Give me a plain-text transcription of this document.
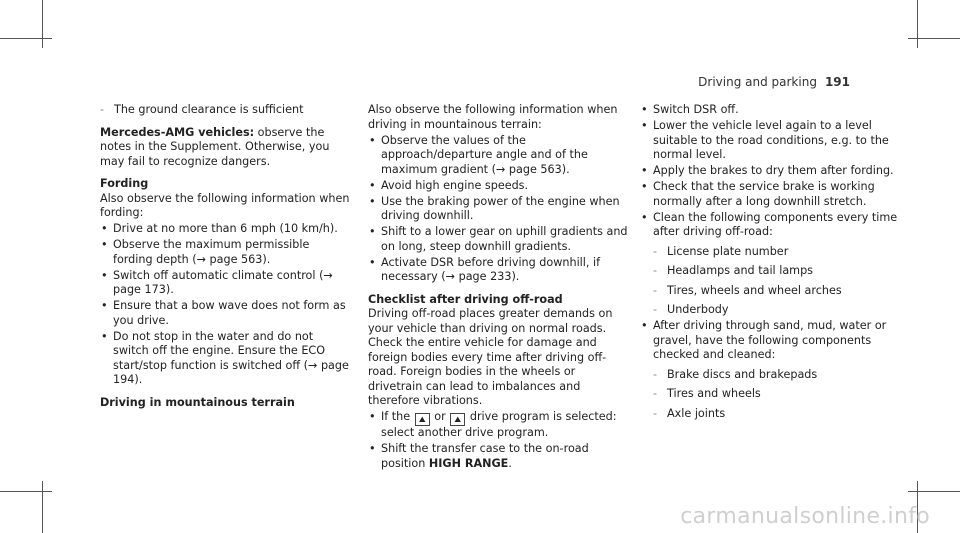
Driving and parking 191

- The ground clearance is sufficient

Mercedes-AMG vehicles: observe the notes in the Supplement. Otherwise, you may fail to recognize dangers.

Fording

Also observe the following information when fording:

• Drive at no more than 6 mph (10 km/h).

• Observe the maximum permissible fording depth (→ page 563).

• Switch off automatic climate control (→ page 173).

• Ensure that a bow wave does not form as you drive.

• Do not stop in the water and do not switch off the engine. Ensure the ECO start/stop function is switched off (→ page 194).

Driving in mountainous terrain

Also observe the following information when driving in mountainous terrain:

• Observe the values of the approach/departure angle and of the maximum gradient (→ page 563).

• Avoid high engine speeds.

• Use the braking power of the engine when driving downhill.

• Shift to a lower gear on uphill gradients and on long, steep downhill gradients.

• Activate DSR before driving downhill, if necessary (→ page 233).

Checklist after driving off-road

Driving off-road places greater demands on your vehicle than driving on normal roads. Check the entire vehicle for damage and foreign bodies every time after driving off-road. Foreign bodies in the wheels or drivetrain can lead to imbalances and therefore vibrations.

• If the ⛰ or ⛰ drive program is selected: select another drive program.

• Shift the transfer case to the on-road position HIGH RANGE.

• Switch DSR off.

• Lower the vehicle level again to a level suitable to the road conditions, e.g. to the normal level.

• Apply the brakes to dry them after fording.

• Check that the service brake is working normally after a long downhill stretch.

• Clean the following components every time after driving off-road:

- License plate number

- Headlamps and tail lamps

- Tires, wheels and wheel arches

- Underbody

• After driving through sand, mud, water or gravel, have the following components checked and cleaned:

- Brake discs and brakepads

- Tires and wheels

- Axle joints

carmanualsonline.info
